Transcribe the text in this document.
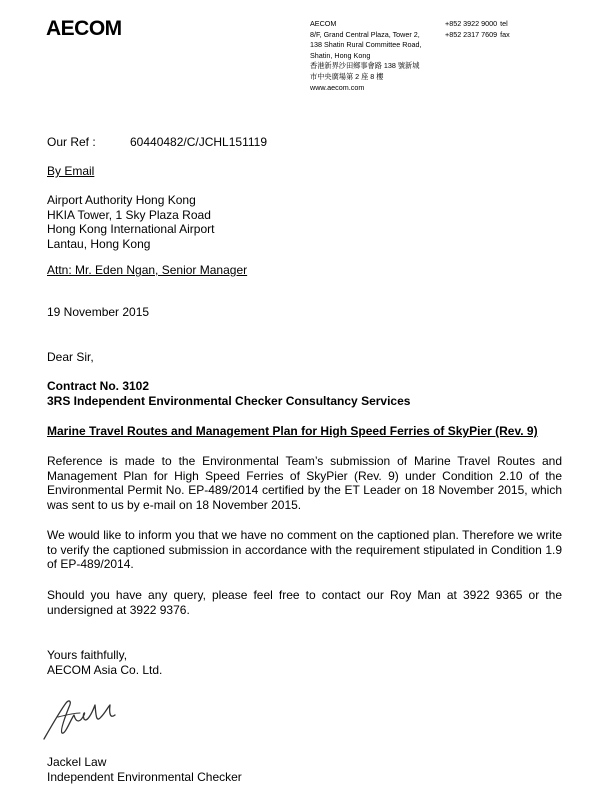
AECOM	AECOM
8/F, Grand Central Plaza, Tower 2,
138 Shatin Rural Committee Road,
Shatin, Hong Kong
香港新界沙田鄉事會路 138 號新城
市中央廣場第 2 座 8 樓
www.aecom.com
+852 3922 9000 tel
+852 2317 7609 fax
Our Ref :	60440482/C/JCHL151119
By Email
Airport Authority Hong Kong
HKIA Tower, 1 Sky Plaza Road
Hong Kong International Airport
Lantau, Hong Kong
Attn: Mr. Eden Ngan, Senior Manager
19 November 2015
Dear Sir,
Contract No. 3102
3RS Independent Environmental Checker Consultancy Services
Marine Travel Routes and Management Plan for High Speed Ferries of SkyPier (Rev. 9)
Reference is made to the Environmental Team’s submission of Marine Travel Routes and Management Plan for High Speed Ferries of SkyPier (Rev. 9) under Condition 2.10 of the Environmental Permit No. EP-489/2014 certified by the ET Leader on 18 November 2015, which was sent to us by e-mail on 18 November 2015.
We would like to inform you that we have no comment on the captioned plan. Therefore we write to verify the captioned submission in accordance with the requirement stipulated in Condition 1.9 of EP-489/2014.
Should you have any query, please feel free to contact our Roy Man at 3922 9365 or the undersigned at 3922 9376.
Yours faithfully,
AECOM Asia Co. Ltd.
Jackel Law
Independent Environmental Checker
